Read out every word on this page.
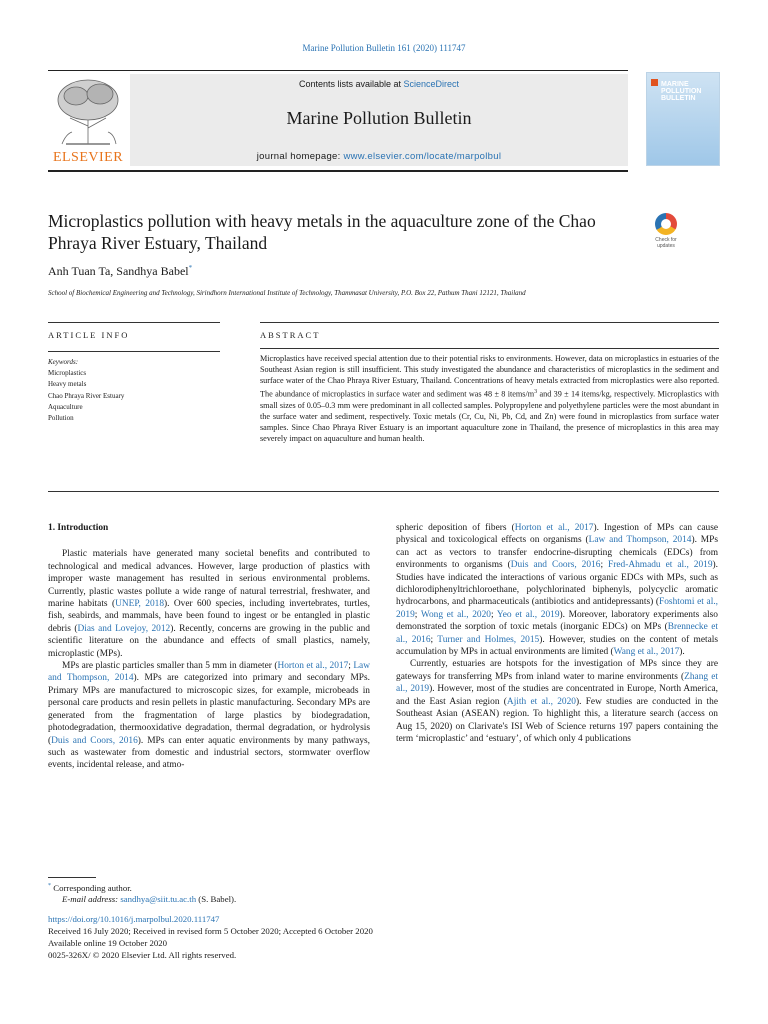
Marine Pollution Bulletin 161 (2020) 111747
ELSEVIER
Contents lists available at ScienceDirect
Marine Pollution Bulletin
journal homepage: www.elsevier.com/locate/marpolbul
MARINE POLLUTION BULLETIN
Microplastics pollution with heavy metals in the aquaculture zone of the Chao Phraya River Estuary, Thailand	Check for updates
Anh Tuan Ta, Sandhya Babel*
School of Biochemical Engineering and Technology, Sirindhorn International Institute of Technology, Thammasat University, P.O. Box 22, Pathum Thani 12121, Thailand
ARTICLE INFO	ABSTRACT
Keywords:
Microplastics
Heavy metals
Chao Phraya River Estuary
Aquaculture
Pollution
Microplastics have received special attention due to their potential risks to environments. However, data on microplastics in estuaries of the Southeast Asian region is still insufficient. This study investigated the abundance and characteristics of microplastics in the sediment and surface water of the Chao Phraya River Estuary, Thailand. Concentrations of heavy metals extracted from microplastics were also reported. The abundance of microplastics in surface water and sediment was 48 ± 8 items/$m^3$ and 39 ± 14 items/kg, respectively. Microplastics with small sizes of 0.05–0.3 mm were predominant in all collected samples. Polypropylene and polyethylene particles were the most abundant in the surface water and sediment, respectively. Toxic metals (Cr, Cu, Ni, Pb, Cd, and Zn) were found in microplastics from surface water samples. Since Chao Phraya River Estuary is an important aquaculture zone in Thailand, the presence of microplastics in this area may severely impact on aquaculture and human health.
1. Introduction

Plastic materials have generated many societal benefits and contributed to technological and medical advances. However, large production of plastics with improper waste management has resulted in serious environmental problems. Currently, plastic wastes pollute a wide range of natural terrestrial, freshwater, and marine habitats (UNEP, 2018). Over 600 species, including invertebrates, turtles, fish, seabirds, and mammals, have been found to ingest or be entangled in plastic debris (Dias and Lovejoy, 2012). Recently, concerns are growing in the public and scientific literature on the abundance and effects of small plastics, namely, microplastic (MPs).

MPs are plastic particles smaller than 5 mm in diameter (Horton et al., 2017; Law and Thompson, 2014). MPs are categorized into primary and secondary MPs. Primary MPs are manufactured to microscopic sizes, for example, microbeads in personal care products and resin pellets in plastic manufacturing. Secondary MPs are generated from the fragmentation of large plastics by biodegradation, photodegradation, thermooxidative degradation, thermal degradation, or hydrolysis (Duis and Coors, 2016). MPs can enter aquatic environments by many pathways, such as wastewater from domestic and industrial sectors, stormwater overflow events, incidental release, and atmo-

spheric deposition of fibers (Horton et al., 2017). Ingestion of MPs can cause physical and toxicological effects on organisms (Law and Thompson, 2014). MPs can act as vectors to transfer endocrine-disrupting chemicals (EDCs) from environments to organisms (Duis and Coors, 2016; Fred-Ahmadu et al., 2019). Studies have indicated the interactions of various organic EDCs with MPs, such as dichlorodiphenyltrichloroethane, polychlorinated biphenyls, polycyclic aromatic hydrocarbons, and pharmaceuticals (antibiotics and antidepressants) (Foshtomi et al., 2019; Wong et al., 2020; Yeo et al., 2019). Moreover, laboratory experiments also demonstrated the sorption of toxic metals (inorganic EDCs) on MPs (Brennecke et al., 2016; Turner and Holmes, 2015). However, studies on the content of metals accumulation by MPs in actual environments are limited (Wang et al., 2017).

Currently, estuaries are hotspots for the investigation of MPs since they are gateways for transferring MPs from inland water to marine environments (Zhang et al., 2019). However, most of the studies are concentrated in Europe, North America, and the East Asian region (Ajith et al., 2020). Few studies are conducted in the Southeast Asian (ASEAN) region. To highlight this, a literature search (access on Aug 15, 2020) on Clarivate's ISI Web of Science returns 197 papers containing the term ‘microplastic’ and ‘estuary’, of which only 4 publications

* Corresponding author.
E-mail address: sandhya@siit.tu.ac.th (S. Babel).
https://doi.org/10.1016/j.marpolbul.2020.111747
Received 16 July 2020; Received in revised form 5 October 2020; Accepted 6 October 2020
Available online 19 October 2020
0025-326X/ © 2020 Elsevier Ltd. All rights reserved.
